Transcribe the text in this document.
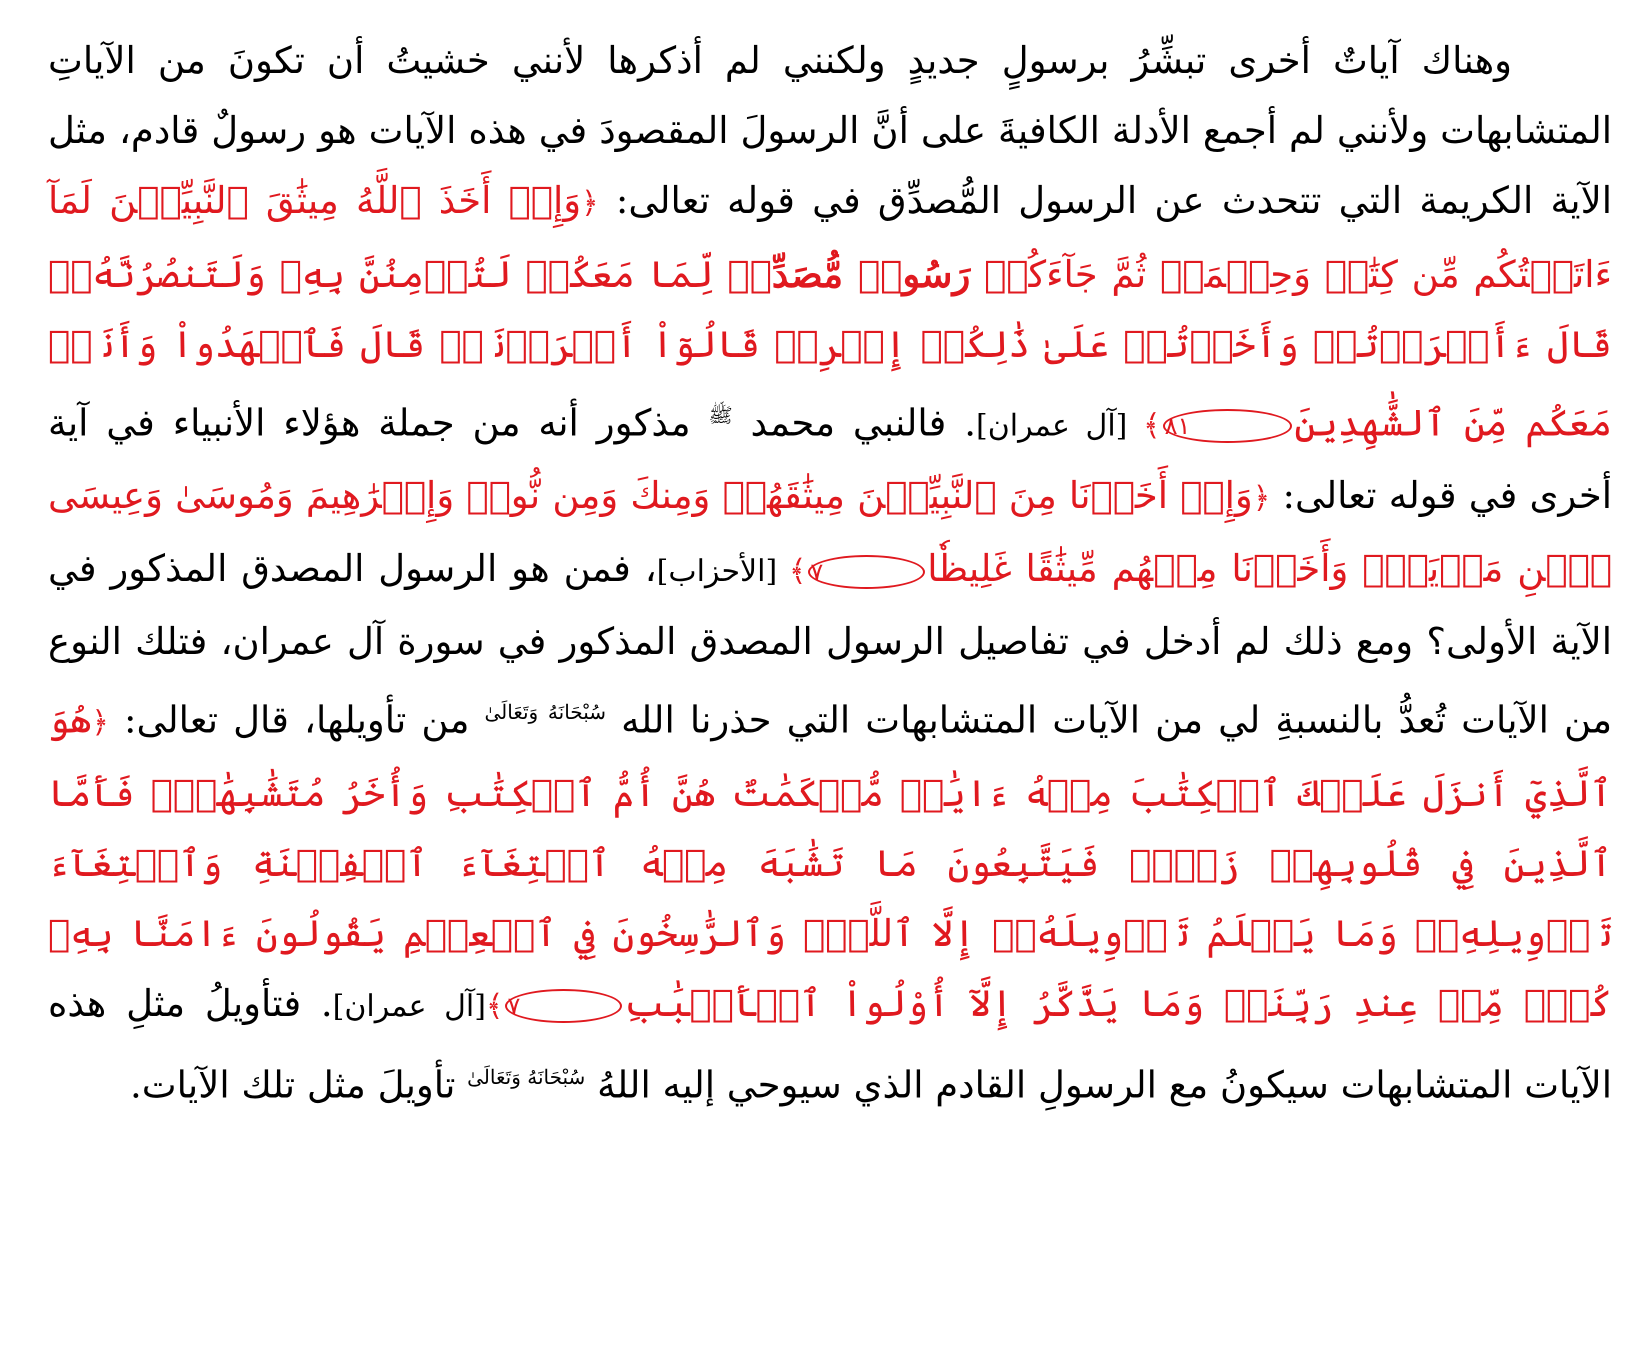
وهناك آياتٌ أخرى تبشِّرُ برسولٍ جديدٍ ولكنني لم أذكرها لأنني خشيتُ أن تكونَ من الآياتِ المتشابهات ولأنني لم أجمع الأدلة الكافيةَ على أنَّ الرسولَ المقصودَ في هذه الآيات هو رسولٌ قادم، مثل الآية الكريمة التي تتحدث عن الرسول المُّصدِّق في قوله تعالى: ﴿وَإِذۡ أَخَذَ ٱللَّهُ مِيثَٰقَ ٱلنَّبِيِّـۧنَ لَمَآ ءَاتَيۡتُكُم مِّن كِتَٰبٖ وَحِكۡمَةٖ ثُمَّ جَآءَكُمۡ رَسُولٞ مُّصَدِّقٞ لِّمَا مَعَكُمۡ لَتُؤۡمِنُنَّ بِهِۦ وَلَتَنصُرُنَّهُۥۚ قَالَ ءَأَقۡرَرۡتُمۡ وَأَخَذۡتُمۡ عَلَىٰ ذَٰلِكُمۡ إِصۡرِيۖ قَالُوٓاْ أَقۡرَرۡنَاۚ قَالَ فَٱشۡهَدُواْ وَأَنَا۠ مَعَكُم مِّنَ ٱلشَّٰهِدِينَ٨١﴾ [آل عمران]. فالنبي محمد $^ﷺ$ مذكور أنه من جملة هؤلاء الأنبياء في آية أخرى في قوله تعالى: ﴿وَإِذۡ أَخَذۡنَا مِنَ ٱلنَّبِيِّـۧنَ مِيثَٰقَهُمۡ وَمِنكَ وَمِن نُّوحٖ وَإِبۡرَٰهِيمَ وَمُوسَىٰ وَعِيسَى ٱبۡنِ مَرۡيَمَۖ وَأَخَذۡنَا مِنۡهُم مِّيثَٰقًا غَلِيظٗا٧﴾ [الأحزاب]، فمن هو الرسول المصدق المذكور في الآية الأولى؟ ومع ذلك لم أدخل في تفاصيل الرسول المصدق المذكور في سورة آل عمران، فتلك النوع من الآيات تُعدُّ بالنسبةِ لي من الآيات المتشابهات التي حذرنا الله $^{سُبْحَانَهُ وَتَعَالَىٰ}$ من تأويلها، قال تعالى: ﴿هُوَ ٱلَّذِيٓ أَنزَلَ عَلَيۡكَ ٱلۡكِتَٰبَ مِنۡهُ ءَايَٰتٞ مُّحۡكَمَٰتٌ هُنَّ أُمُّ ٱلۡكِتَٰبِ وَأُخَرُ مُتَشَٰبِهَٰتٞۖ فَأَمَّا ٱلَّذِينَ فِي قُلُوبِهِمۡ زَيۡغٞ فَيَتَّبِعُونَ مَا تَشَٰبَهَ مِنۡهُ ٱبۡتِغَآءَ ٱلۡفِتۡنَةِ وَٱبۡتِغَآءَ تَأۡوِيلِهِۦۖ وَمَا يَعۡلَمُ تَأۡوِيلَهُۥٓ إِلَّا ٱللَّهُۗ وَٱلرَّٰسِخُونَ فِي ٱلۡعِلۡمِ يَقُولُونَ ءَامَنَّا بِهِۦ كُلّٞ مِّنۡ عِندِ رَبِّنَاۗ وَمَا يَذَّكَّرُ إِلَّآ أُوْلُواْ ٱلۡأَلۡبَٰبِ٧﴾[آل عمران]. فتأويلُ مثلِ هذه الآيات المتشابهات سيكونُ مع الرسولِ القادم الذي سيوحي إليه اللهُ $^{سُبْحَانَهُ وَتَعَالَىٰ}$ تأويلَ مثل تلك الآيات.
